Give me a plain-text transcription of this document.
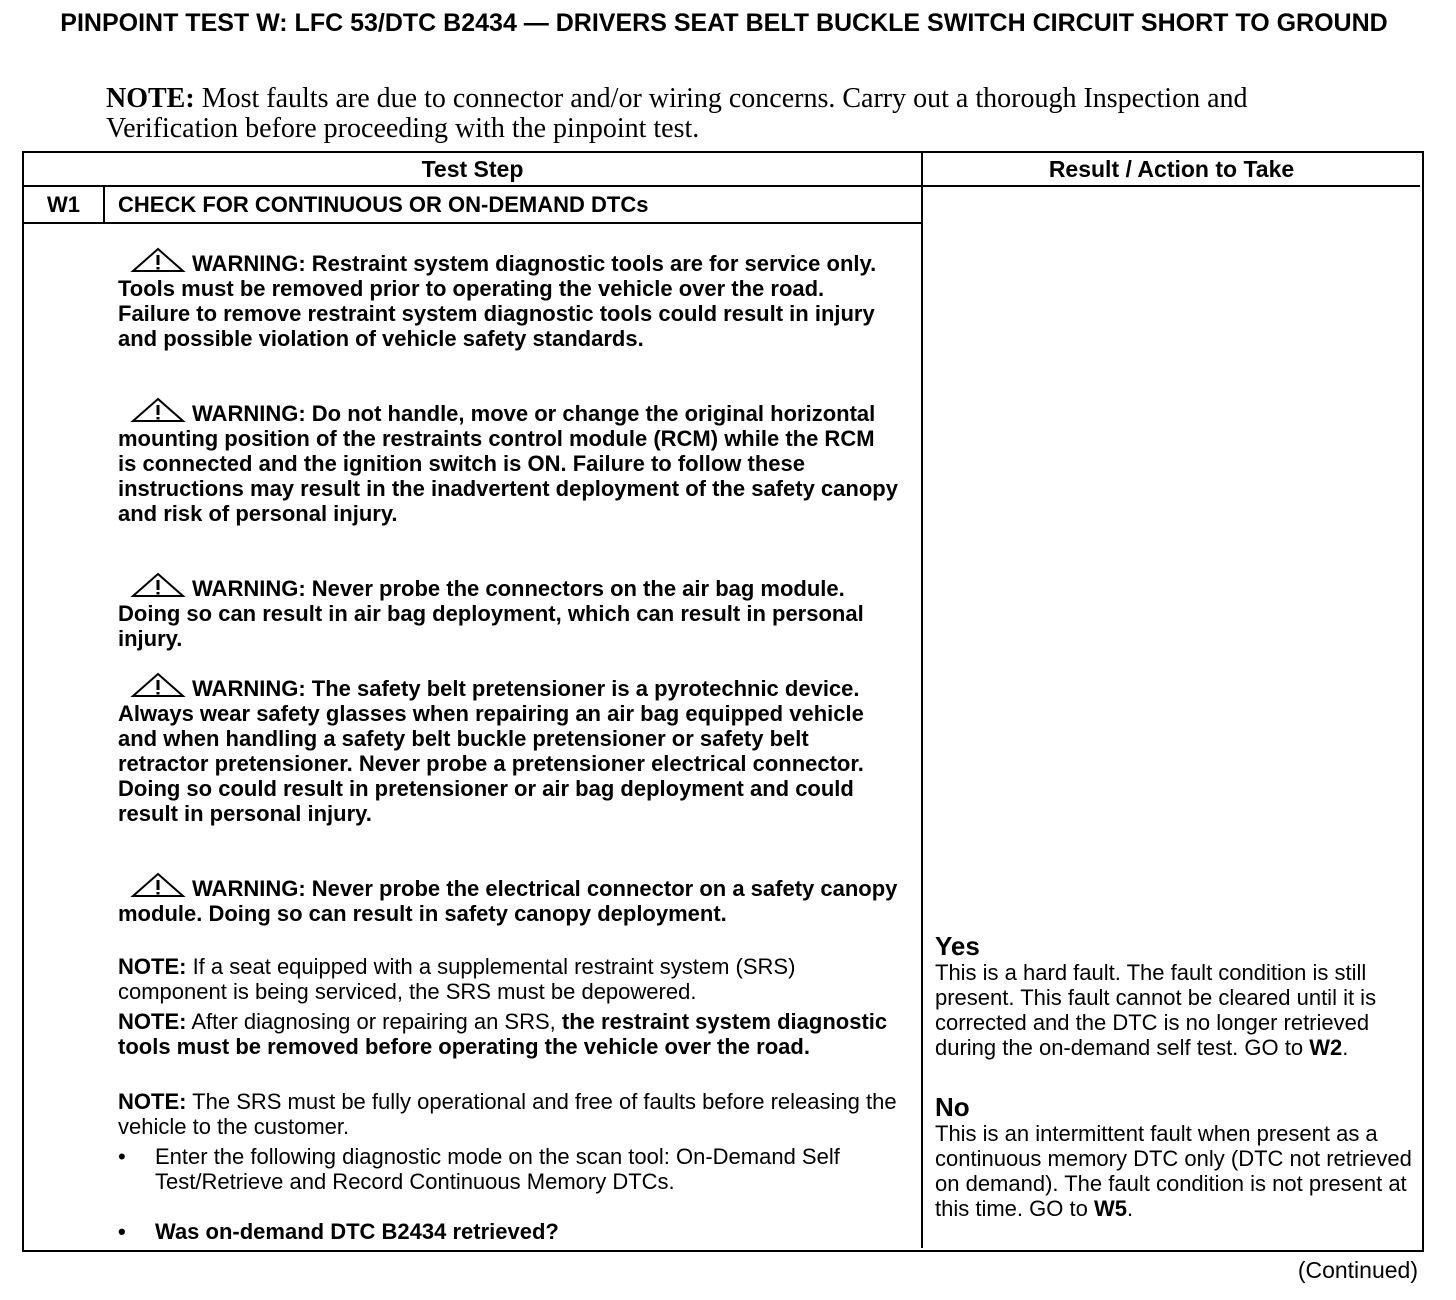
PINPOINT TEST W: LFC 53/DTC B2434 — DRIVERS SEAT BELT BUCKLE SWITCH CIRCUIT SHORT TO GROUND
NOTE: Most faults are due to connector and/or wiring concerns. Carry out a thorough Inspection and Verification before proceeding with the pinpoint test.
Test Step	Result / Action to Take
W1	CHECK FOR CONTINUOUS OR ON-DEMAND DTCs

WARNING: Restraint system diagnostic tools are for service only. Tools must be removed prior to operating the vehicle over the road. Failure to remove restraint system diagnostic tools could result in injury and possible violation of vehicle safety standards.

WARNING: Do not handle, move or change the original horizontal mounting position of the restraints control module (RCM) while the RCM is connected and the ignition switch is ON. Failure to follow these instructions may result in the inadvertent deployment of the safety canopy and risk of personal injury.

WARNING: Never probe the connectors on the air bag module. Doing so can result in air bag deployment, which can result in personal injury.

WARNING: The safety belt pretensioner is a pyrotechnic device. Always wear safety glasses when repairing an air bag equipped vehicle and when handling a safety belt buckle pretensioner or safety belt retractor pretensioner. Never probe a pretensioner electrical connector. Doing so could result in pretensioner or air bag deployment and could result in personal injury.

WARNING: Never probe the electrical connector on a safety canopy module. Doing so can result in safety canopy deployment.

NOTE: If a seat equipped with a supplemental restraint system (SRS) component is being serviced, the SRS must be depowered.

NOTE: After diagnosing or repairing an SRS, the restraint system diagnostic tools must be removed before operating the vehicle over the road.

NOTE: The SRS must be fully operational and free of faults before releasing the vehicle to the customer.

• Enter the following diagnostic mode on the scan tool: On-Demand Self Test/Retrieve and Record Continuous Memory DTCs.

• Was on-demand DTC B2434 retrieved?

Yes

This is a hard fault. The fault condition is still present. This fault cannot be cleared until it is corrected and the DTC is no longer retrieved during the on-demand self test. GO to W2.

No

This is an intermittent fault when present as a continuous memory DTC only (DTC not retrieved on demand). The fault condition is not present at this time. GO to W5.

(Continued)
